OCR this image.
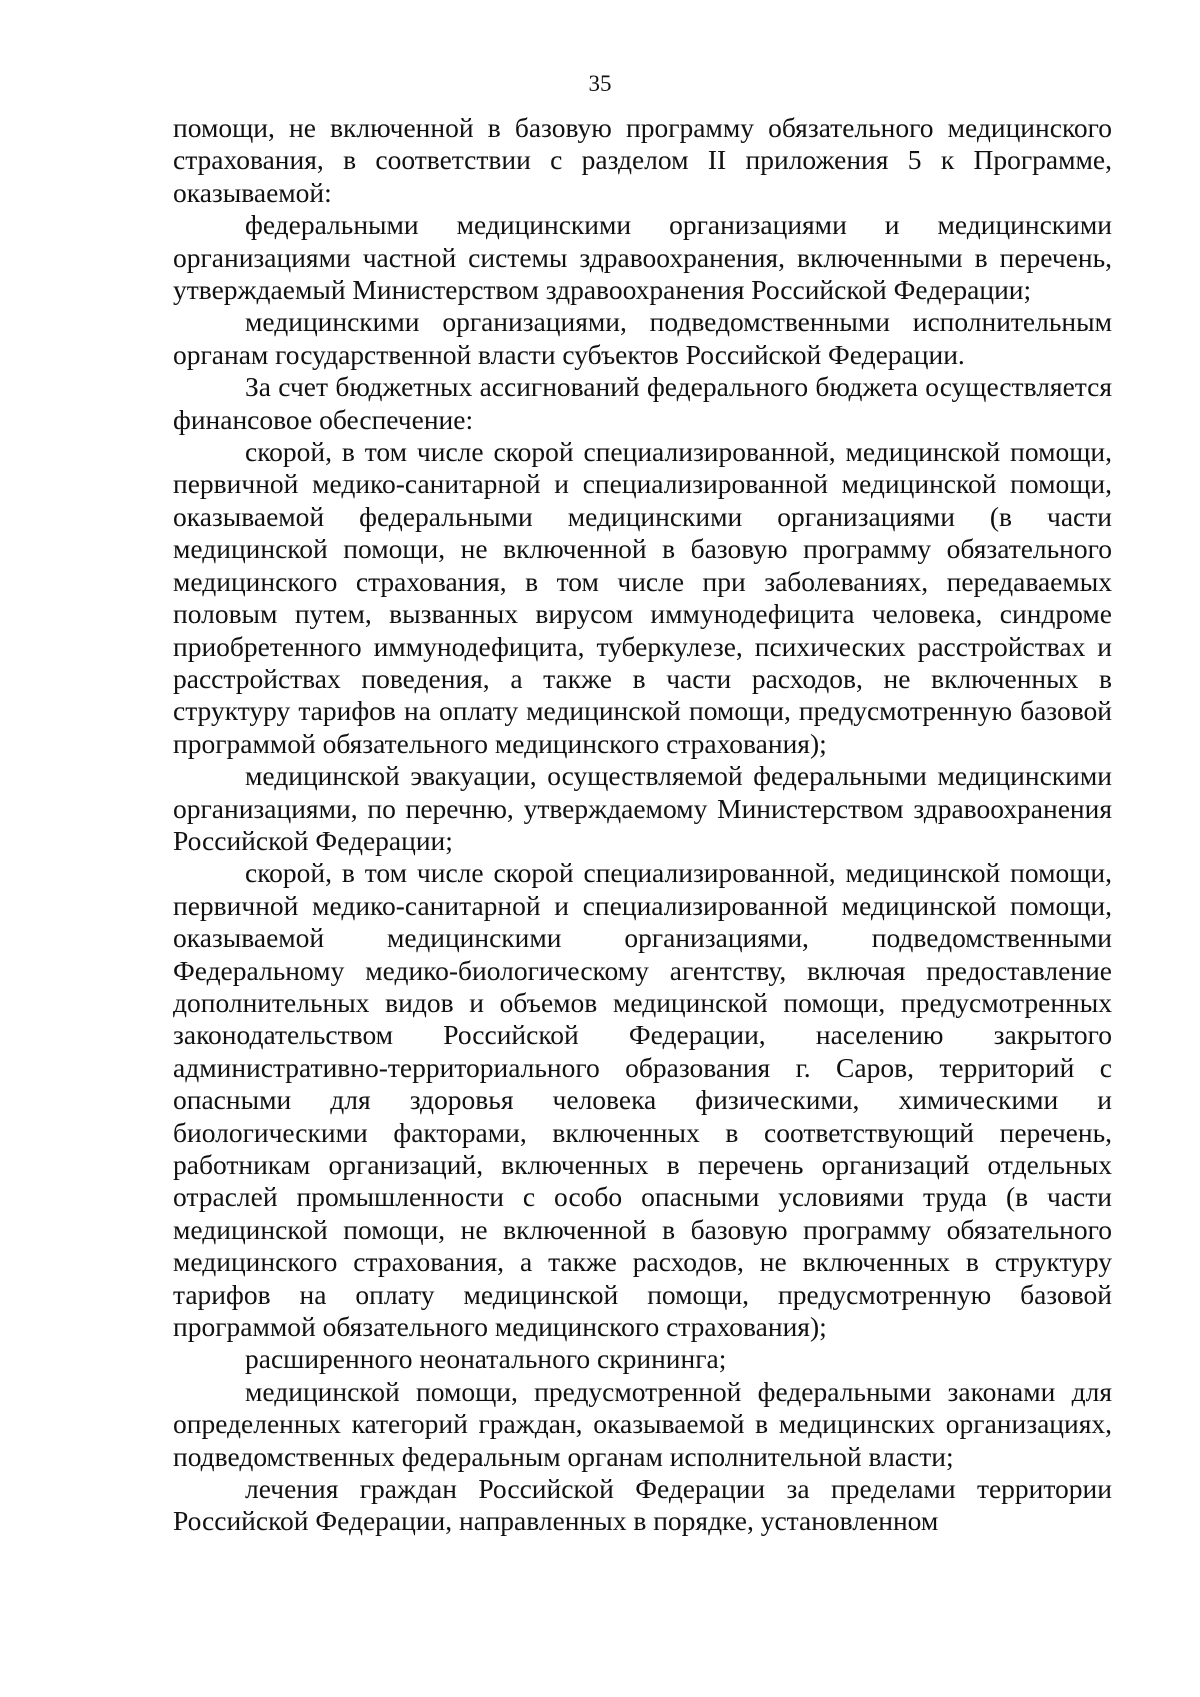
35

помощи, не включенной в базовую программу обязательного медицинского страхования, в соответствии с разделом II приложения 5 к Программе, оказываемой:

федеральными медицинскими организациями и медицинскими организациями частной системы здравоохранения, включенными в перечень, утверждаемый Министерством здравоохранения Российской Федерации;

медицинскими организациями, подведомственными исполнительным органам государственной власти субъектов Российской Федерации.

За счет бюджетных ассигнований федерального бюджета осуществляется финансовое обеспечение:

скорой, в том числе скорой специализированной, медицинской помощи, первичной медико-санитарной и специализированной медицинской помощи, оказываемой федеральными медицинскими организациями (в части медицинской помощи, не включенной в базовую программу обязательного медицинского страхования, в том числе при заболеваниях, передаваемых половым путем, вызванных вирусом иммунодефицита человека, синдроме приобретенного иммунодефицита, туберкулезе, психических расстройствах и расстройствах поведения, а также в части расходов, не включенных в структуру тарифов на оплату медицинской помощи, предусмотренную базовой программой обязательного медицинского страхования);

медицинской эвакуации, осуществляемой федеральными медицинскими организациями, по перечню, утверждаемому Министерством здравоохранения Российской Федерации;

скорой, в том числе скорой специализированной, медицинской помощи, первичной медико-санитарной и специализированной медицинской помощи, оказываемой медицинскими организациями, подведомственными Федеральному медико-биологическому агентству, включая предоставление дополнительных видов и объемов медицинской помощи, предусмотренных законодательством Российской Федерации, населению закрытого административно-территориального образования г. Саров, территорий с опасными для здоровья человека физическими, химическими и биологическими факторами, включенных в соответствующий перечень, работникам организаций, включенных в перечень организаций отдельных отраслей промышленности с особо опасными условиями труда (в части медицинской помощи, не включенной в базовую программу обязательного медицинского страхования, а также расходов, не включенных в структуру тарифов на оплату медицинской помощи, предусмотренную базовой программой обязательного медицинского страхования);

расширенного неонатального скрининга;

медицинской помощи, предусмотренной федеральными законами для определенных категорий граждан, оказываемой в медицинских организациях, подведомственных федеральным органам исполнительной власти;

лечения граждан Российской Федерации за пределами территории Российской Федерации, направленных в порядке, установленном
